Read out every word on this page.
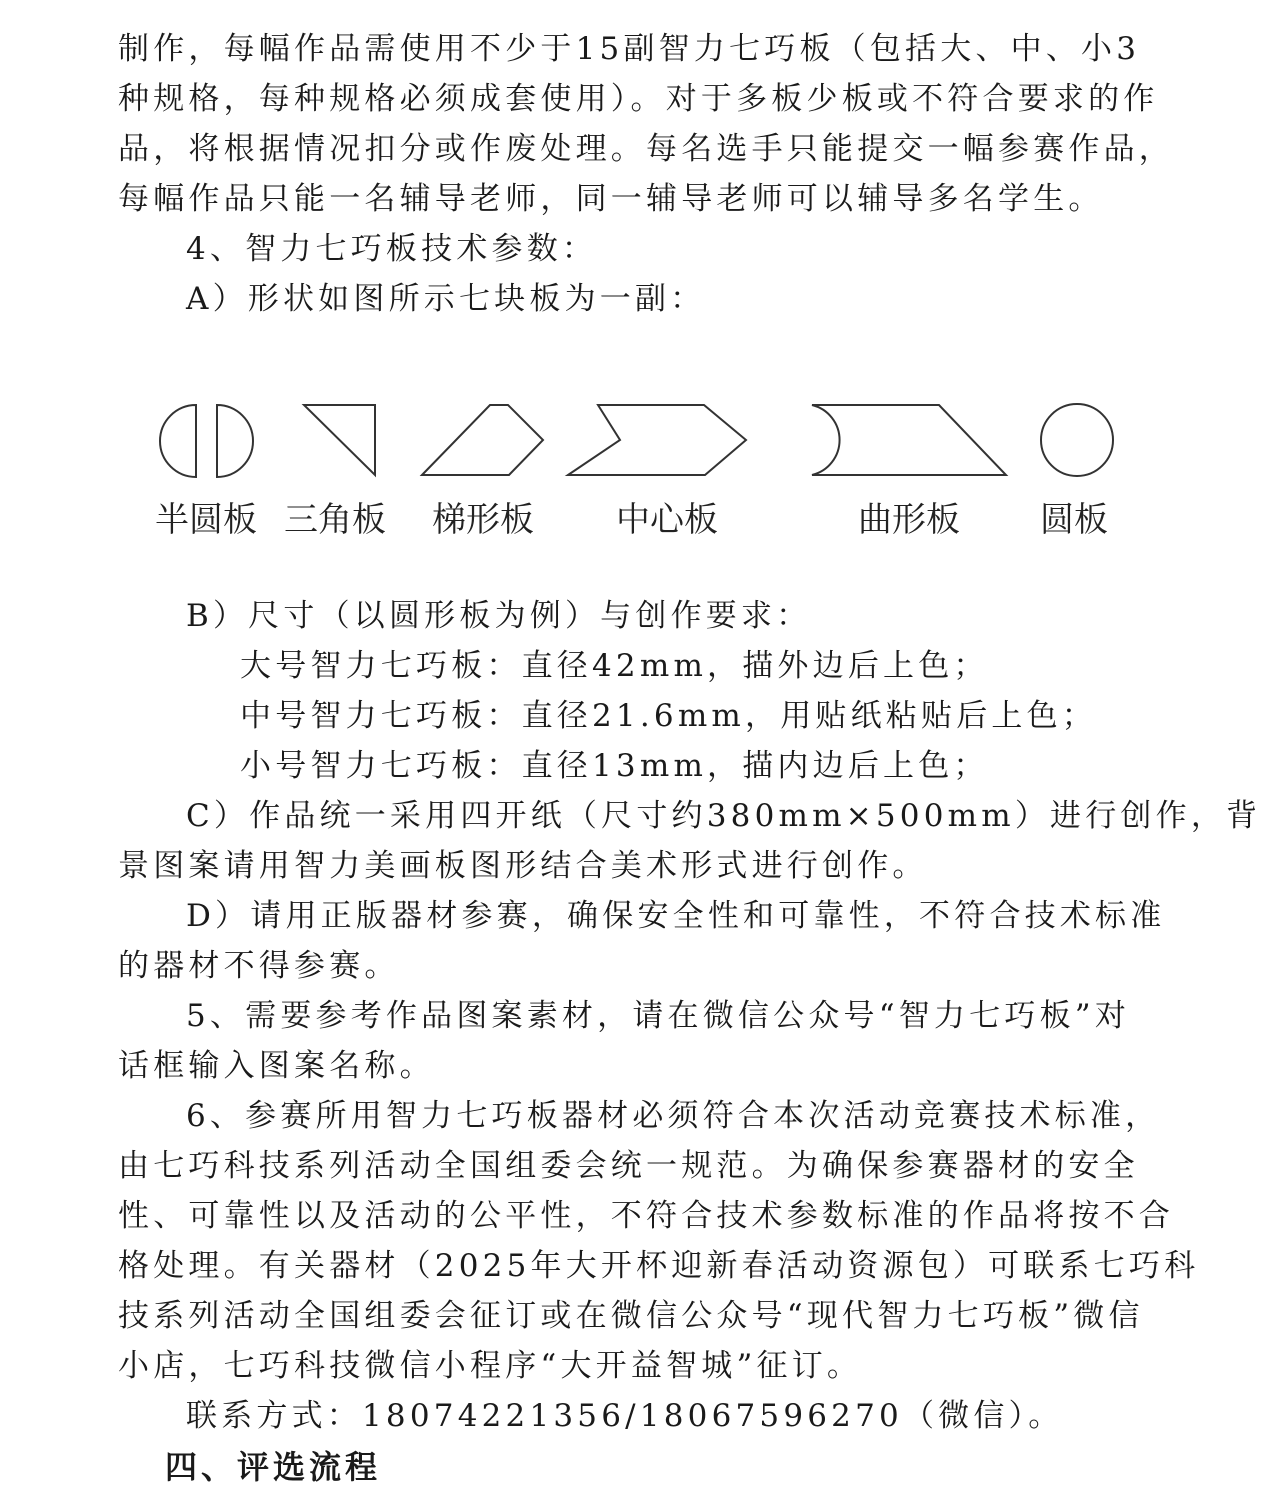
制作，每幅作品需使用不少于15副智力七巧板（包括大、中、小3
种规格，每种规格必须成套使用）。对于多板少板或不符合要求的作
品，将根据情况扣分或作废处理。每名选手只能提交一幅参赛作品，
每幅作品只能一名辅导老师，同一辅导老师可以辅导多名学生。
4、智力七巧板技术参数：
A）形状如图所示七块板为一副：
半圆板 三角板 梯形板 中心板	曲形板 圆板
B）尺寸（以圆形板为例）与创作要求：
大号智力七巧板：直径42mm，描外边后上色；
中号智力七巧板：直径21.6mm，用贴纸粘贴后上色；
小号智力七巧板：直径13mm，描内边后上色；
C）作品统一采用四开纸（尺寸约380mm×500mm）进行创作，背
景图案请用智力美画板图形结合美术形式进行创作。
D）请用正版器材参赛，确保安全性和可靠性，不符合技术标准
的器材不得参赛。
5、需要参考作品图案素材，请在微信公众号“智力七巧板”对
话框输入图案名称。
6、参赛所用智力七巧板器材必须符合本次活动竞赛技术标准，
由七巧科技系列活动全国组委会统一规范。为确保参赛器材的安全
性、可靠性以及活动的公平性，不符合技术参数标准的作品将按不合
格处理。有关器材（2025年大开杯迎新春活动资源包）可联系七巧科
技系列活动全国组委会征订或在微信公众号“现代智力七巧板”微信
小店，七巧科技微信小程序“大开益智城”征订。
联系方式：18074221356/18067596270（微信）。
四、评选流程
